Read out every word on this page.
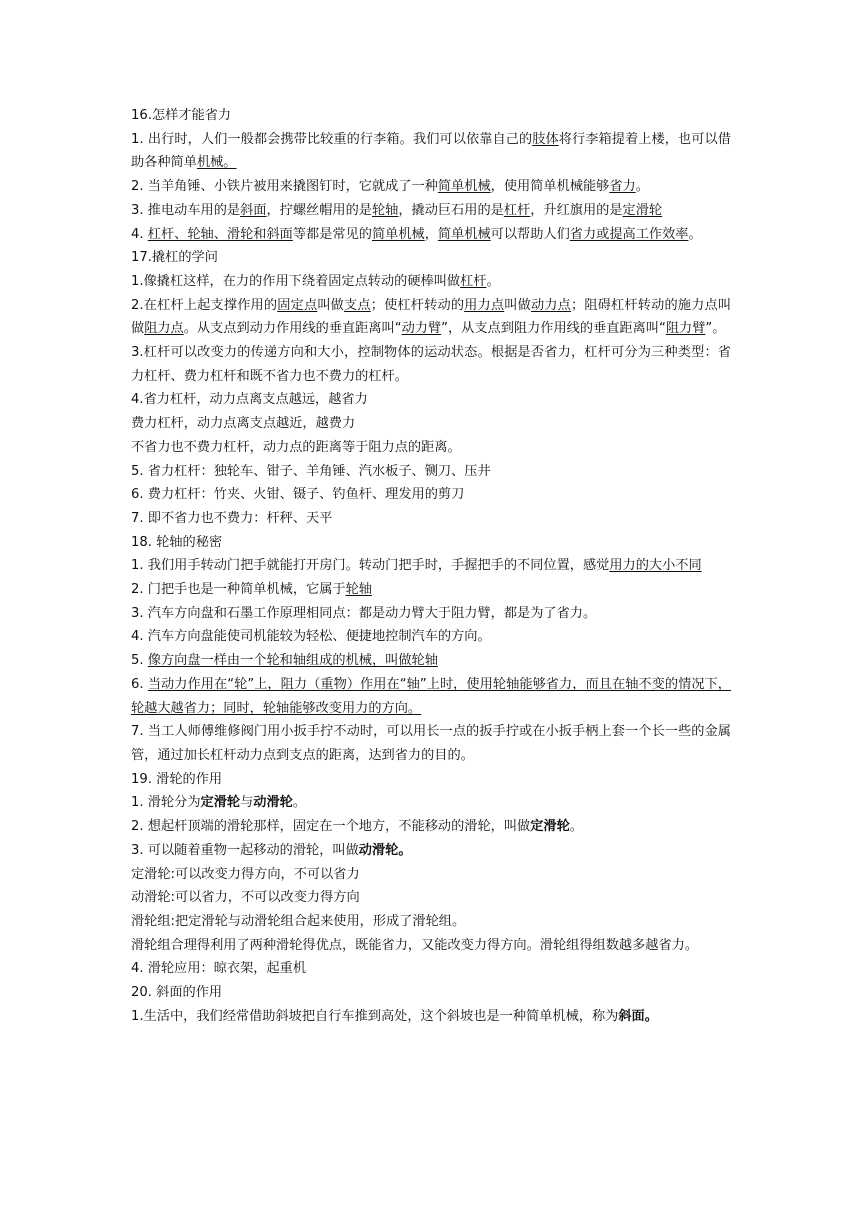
16.怎样才能省力
1. 出行时，人们一般都会携带比较重的行李箱。我们可以依靠自己的肢体将行李箱提着上楼，也可以借助各种简单机械。
2. 当羊角锤、小铁片被用来撬图钉时，它就成了一种简单机械，使用简单机械能够省力。
3. 推电动车用的是斜面，拧螺丝帽用的是轮轴，撬动巨石用的是杠杆，升红旗用的是定滑轮
4. 杠杆、轮轴、滑轮和斜面等都是常见的简单机械，简单机械可以帮助人们省力或提高工作效率。
17.撬杠的学问
1.像撬杠这样，在力的作用下绕着固定点转动的硬棒叫做杠杆。
2.在杠杆上起支撑作用的固定点叫做支点；使杠杆转动的用力点叫做动力点；阻碍杠杆转动的施力点叫做阻力点。从支点到动力作用线的垂直距离叫“动力臂”，从支点到阻力作用线的垂直距离叫“阻力臂”。
3.杠杆可以改变力的传递方向和大小，控制物体的运动状态。根据是否省力，杠杆可分为三种类型：省力杠杆、费力杠杆和既不省力也不费力的杠杆。
4.省力杠杆，动力点离支点越远，越省力
费力杠杆，动力点离支点越近，越费力
不省力也不费力杠杆，动力点的距离等于阻力点的距离。
5. 省力杠杆：独轮车、钳子、羊角锤、汽水板子、铡刀、压井
6. 费力杠杆：竹夹、火钳、镊子、钓鱼杆、理发用的剪刀
7. 即不省力也不费力：杆秤、天平
18. 轮轴的秘密
1. 我们用手转动门把手就能打开房门。转动门把手时，手握把手的不同位置，感觉用力的大小不同
2. 门把手也是一种简单机械，它属于轮轴
3. 汽车方向盘和石墨工作原理相同点：都是动力臂大于阻力臂，都是为了省力。
4. 汽车方向盘能使司机能较为轻松、便捷地控制汽车的方向。
5. 像方向盘一样由一个轮和轴组成的机械，叫做轮轴
6. 当动力作用在“轮”上，阻力（重物）作用在“轴”上时，使用轮轴能够省力，而且在轴不变的情况下，轮越大越省力；同时，轮轴能够改变用力的方向。
7. 当工人师傅维修阀门用小扳手拧不动时，可以用长一点的扳手拧或在小扳手柄上套一个长一些的金属管，通过加长杠杆动力点到支点的距离，达到省力的目的。
19. 滑轮的作用
1. 滑轮分为定滑轮与动滑轮。
2. 想起杆顶端的滑轮那样，固定在一个地方，不能移动的滑轮，叫做定滑轮。
3. 可以随着重物一起移动的滑轮，叫做动滑轮。
定滑轮:可以改变力得方向，不可以省力
动滑轮:可以省力，不可以改变力得方向
滑轮组:把定滑轮与动滑轮组合起来使用，形成了滑轮组。
滑轮组合理得利用了两种滑轮得优点，既能省力，又能改变力得方向。滑轮组得组数越多越省力。
4. 滑轮应用：晾衣架，起重机
20. 斜面的作用
1.生活中，我们经常借助斜坡把自行车推到高处，这个斜坡也是一种简单机械，称为斜面。
